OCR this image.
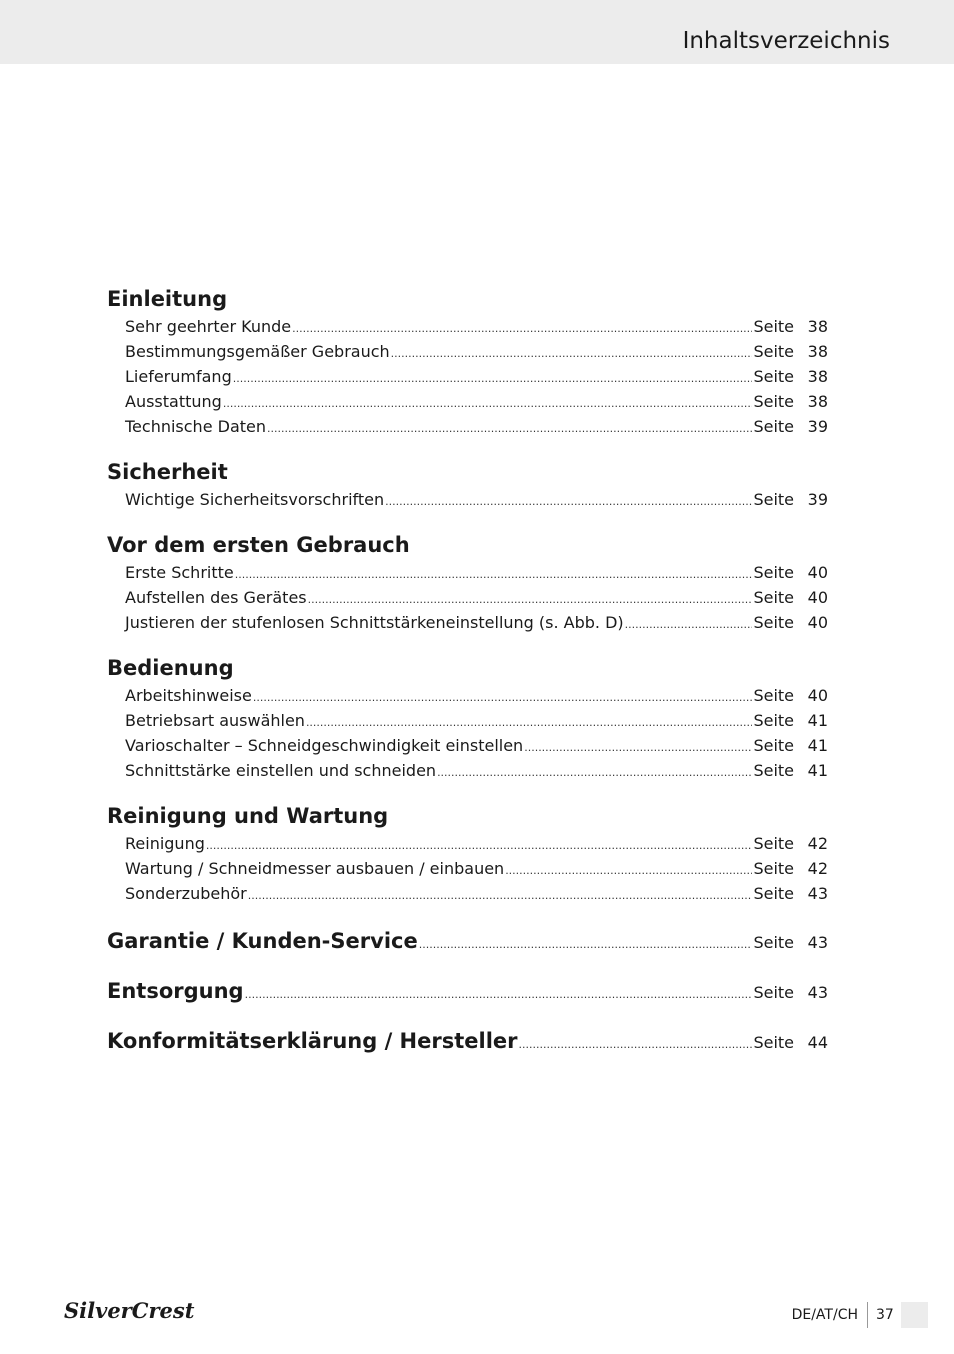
Inhaltsverzeichnis
Einleitung
Sehr geehrter Kunde .....	Seite 38
Bestimmungsgemäßer Gebrauch .....	Seite 38
Lieferumfang .....	Seite 38
Ausstattung .....	Seite 38
Technische Daten .....	Seite 39
Sicherheit
Wichtige Sicherheitsvorschriften .....	Seite 39
Vor dem ersten Gebrauch
Erste Schritte .....	Seite 40
Aufstellen des Gerätes .....	Seite 40
Justieren der stufenlosen Schnittstärkeneinstellung (s. Abb. D) .....	Seite 40
Bedienung
Arbeitshinweise .....	Seite 40
Betriebsart auswählen .....	Seite 41
Varioschalter – Schneidgeschwindigkeit einstellen .....	Seite 41
Schnittstärke einstellen und schneiden .....	Seite 41
Reinigung und Wartung
Reinigung .....	Seite 42
Wartung / Schneidmesser ausbauen / einbauen .....	Seite 42
Sonderzubehör .....	Seite 43
Garantie / Kunden-Service .....	Seite 43
Entsorgung .....	Seite 43
Konformitätserklärung / Hersteller .....	Seite 44
SilverCrest	DE/AT/CH 37
